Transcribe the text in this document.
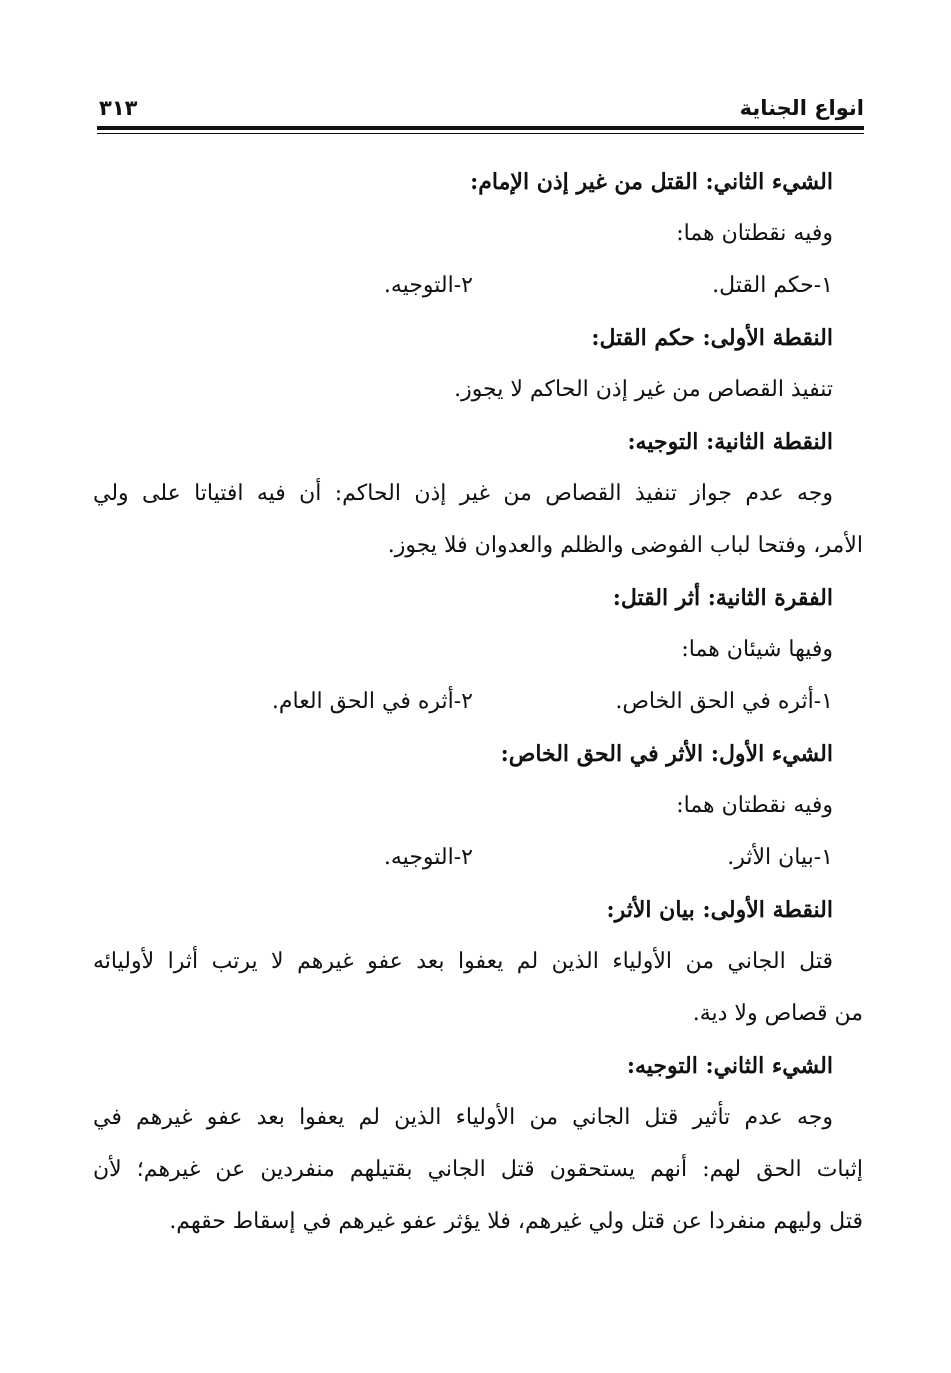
انواع الجناية
٣١٣
الشيء الثاني: القتل من غير إذن الإمام:
وفيه نقطتان هما:
١-حكم القتل.
٢-التوجيه.
النقطة الأولى: حكم القتل:
تنفيذ القصاص من غير إذن الحاكم لا يجوز.
النقطة الثانية: التوجيه:
وجه عدم جواز تنفيذ القصاص من غير إذن الحاكم: أن فيه افتياتا على ولي
الأمر، وفتحا لباب الفوضى والظلم والعدوان فلا يجوز.
الفقرة الثانية: أثر القتل:
وفيها شيئان هما:
١-أثره في الحق الخاص.
٢-أثره في الحق العام.
الشيء الأول: الأثر في الحق الخاص:
وفيه نقطتان هما:
١-بيان الأثر.
٢-التوجيه.
النقطة الأولى: بيان الأثر:
قتل الجاني من الأولياء الذين لم يعفوا بعد عفو غيرهم لا يرتب أثرا لأوليائه
من قصاص ولا دية.
الشيء الثاني: التوجيه:
وجه عدم تأثير قتل الجاني من الأولياء الذين لم يعفوا بعد عفو غيرهم في
إثبات الحق لهم: أنهم يستحقون قتل الجاني بقتيلهم منفردين عن غيرهم؛ لأن
قتل وليهم منفردا عن قتل ولي غيرهم، فلا يؤثر عفو غيرهم في إسقاط حقهم.
